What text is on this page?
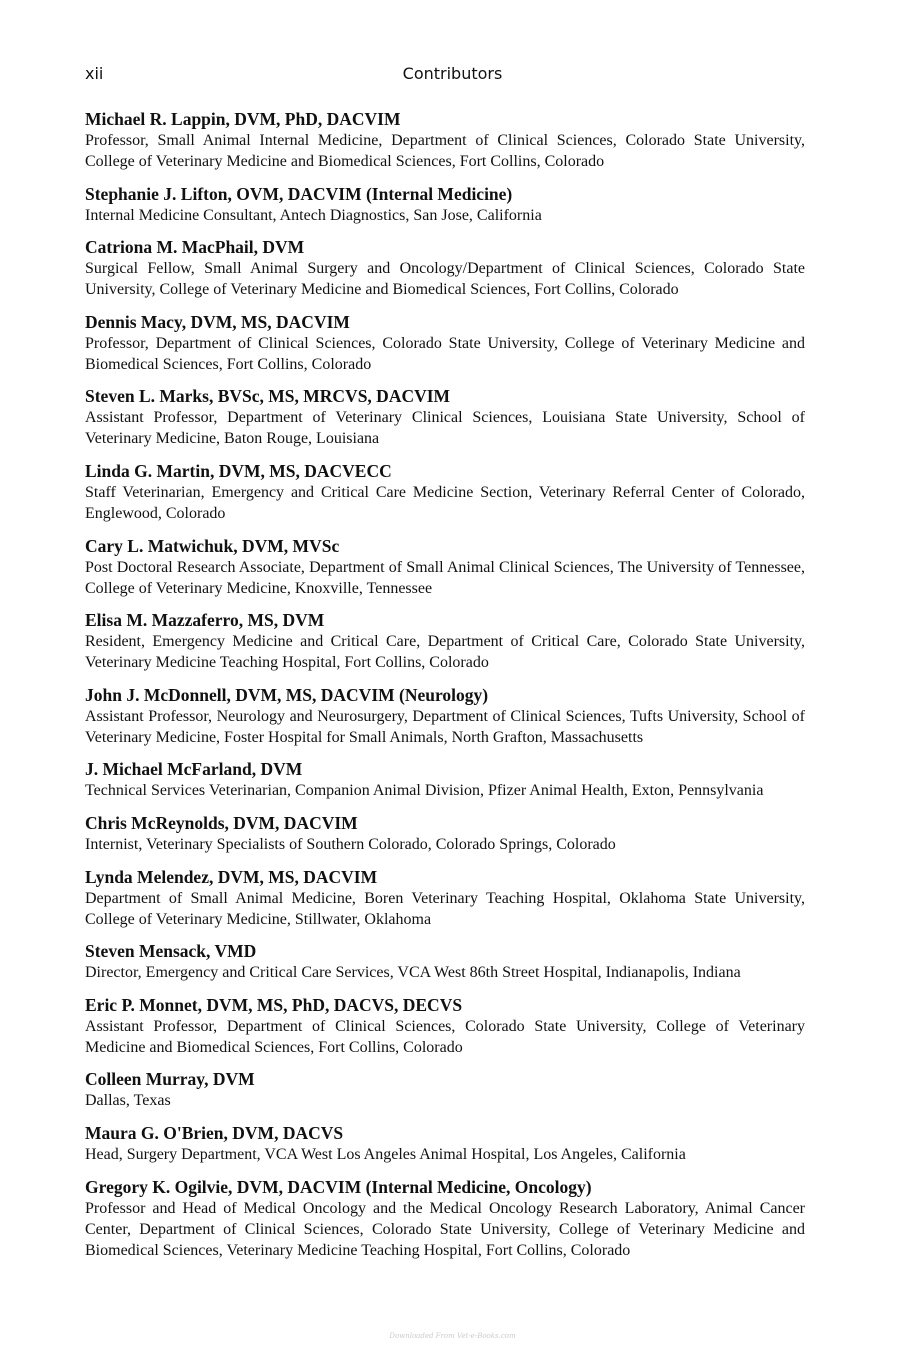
xii	Contributors
Michael R. Lappin, DVM, PhD, DACVIM
Professor, Small Animal Internal Medicine, Department of Clinical Sciences, Colorado State University, College of Veterinary Medicine and Biomedical Sciences, Fort Collins, Colorado
Stephanie J. Lifton, OVM, DACVIM (Internal Medicine)
Internal Medicine Consultant, Antech Diagnostics, San Jose, California
Catriona M. MacPhail, DVM
Surgical Fellow, Small Animal Surgery and Oncology/Department of Clinical Sciences, Colorado State University, College of Veterinary Medicine and Biomedical Sciences, Fort Collins, Colorado
Dennis Macy, DVM, MS, DACVIM
Professor, Department of Clinical Sciences, Colorado State University, College of Veterinary Medicine and Biomedical Sciences, Fort Collins, Colorado
Steven L. Marks, BVSc, MS, MRCVS, DACVIM
Assistant Professor, Department of Veterinary Clinical Sciences, Louisiana State University, School of Veterinary Medicine, Baton Rouge, Louisiana
Linda G. Martin, DVM, MS, DACVECC
Staff Veterinarian, Emergency and Critical Care Medicine Section, Veterinary Referral Center of Colorado, Englewood, Colorado
Cary L. Matwichuk, DVM, MVSc
Post Doctoral Research Associate, Department of Small Animal Clinical Sciences, The University of Tennessee, College of Veterinary Medicine, Knoxville, Tennessee
Elisa M. Mazzaferro, MS, DVM
Resident, Emergency Medicine and Critical Care, Department of Critical Care, Colorado State University, Veterinary Medicine Teaching Hospital, Fort Collins, Colorado
John J. McDonnell, DVM, MS, DACVIM (Neurology)
Assistant Professor, Neurology and Neurosurgery, Department of Clinical Sciences, Tufts University, School of Veterinary Medicine, Foster Hospital for Small Animals, North Grafton, Massachusetts
J. Michael McFarland, DVM
Technical Services Veterinarian, Companion Animal Division, Pfizer Animal Health, Exton, Pennsylvania
Chris McReynolds, DVM, DACVIM
Internist, Veterinary Specialists of Southern Colorado, Colorado Springs, Colorado
Lynda Melendez, DVM, MS, DACVIM
Department of Small Animal Medicine, Boren Veterinary Teaching Hospital, Oklahoma State University, College of Veterinary Medicine, Stillwater, Oklahoma
Steven Mensack, VMD
Director, Emergency and Critical Care Services, VCA West 86th Street Hospital, Indianapolis, Indiana
Eric P. Monnet, DVM, MS, PhD, DACVS, DECVS
Assistant Professor, Department of Clinical Sciences, Colorado State University, College of Veterinary Medicine and Biomedical Sciences, Fort Collins, Colorado
Colleen Murray, DVM
Dallas, Texas
Maura G. O'Brien, DVM, DACVS
Head, Surgery Department, VCA West Los Angeles Animal Hospital, Los Angeles, California
Gregory K. Ogilvie, DVM, DACVIM (Internal Medicine, Oncology)
Professor and Head of Medical Oncology and the Medical Oncology Research Laboratory, Animal Cancer Center, Department of Clinical Sciences, Colorado State University, College of Veterinary Medicine and Biomedical Sciences, Veterinary Medicine Teaching Hospital, Fort Collins, Colorado
Downloaded From Vet-e-Books.com
